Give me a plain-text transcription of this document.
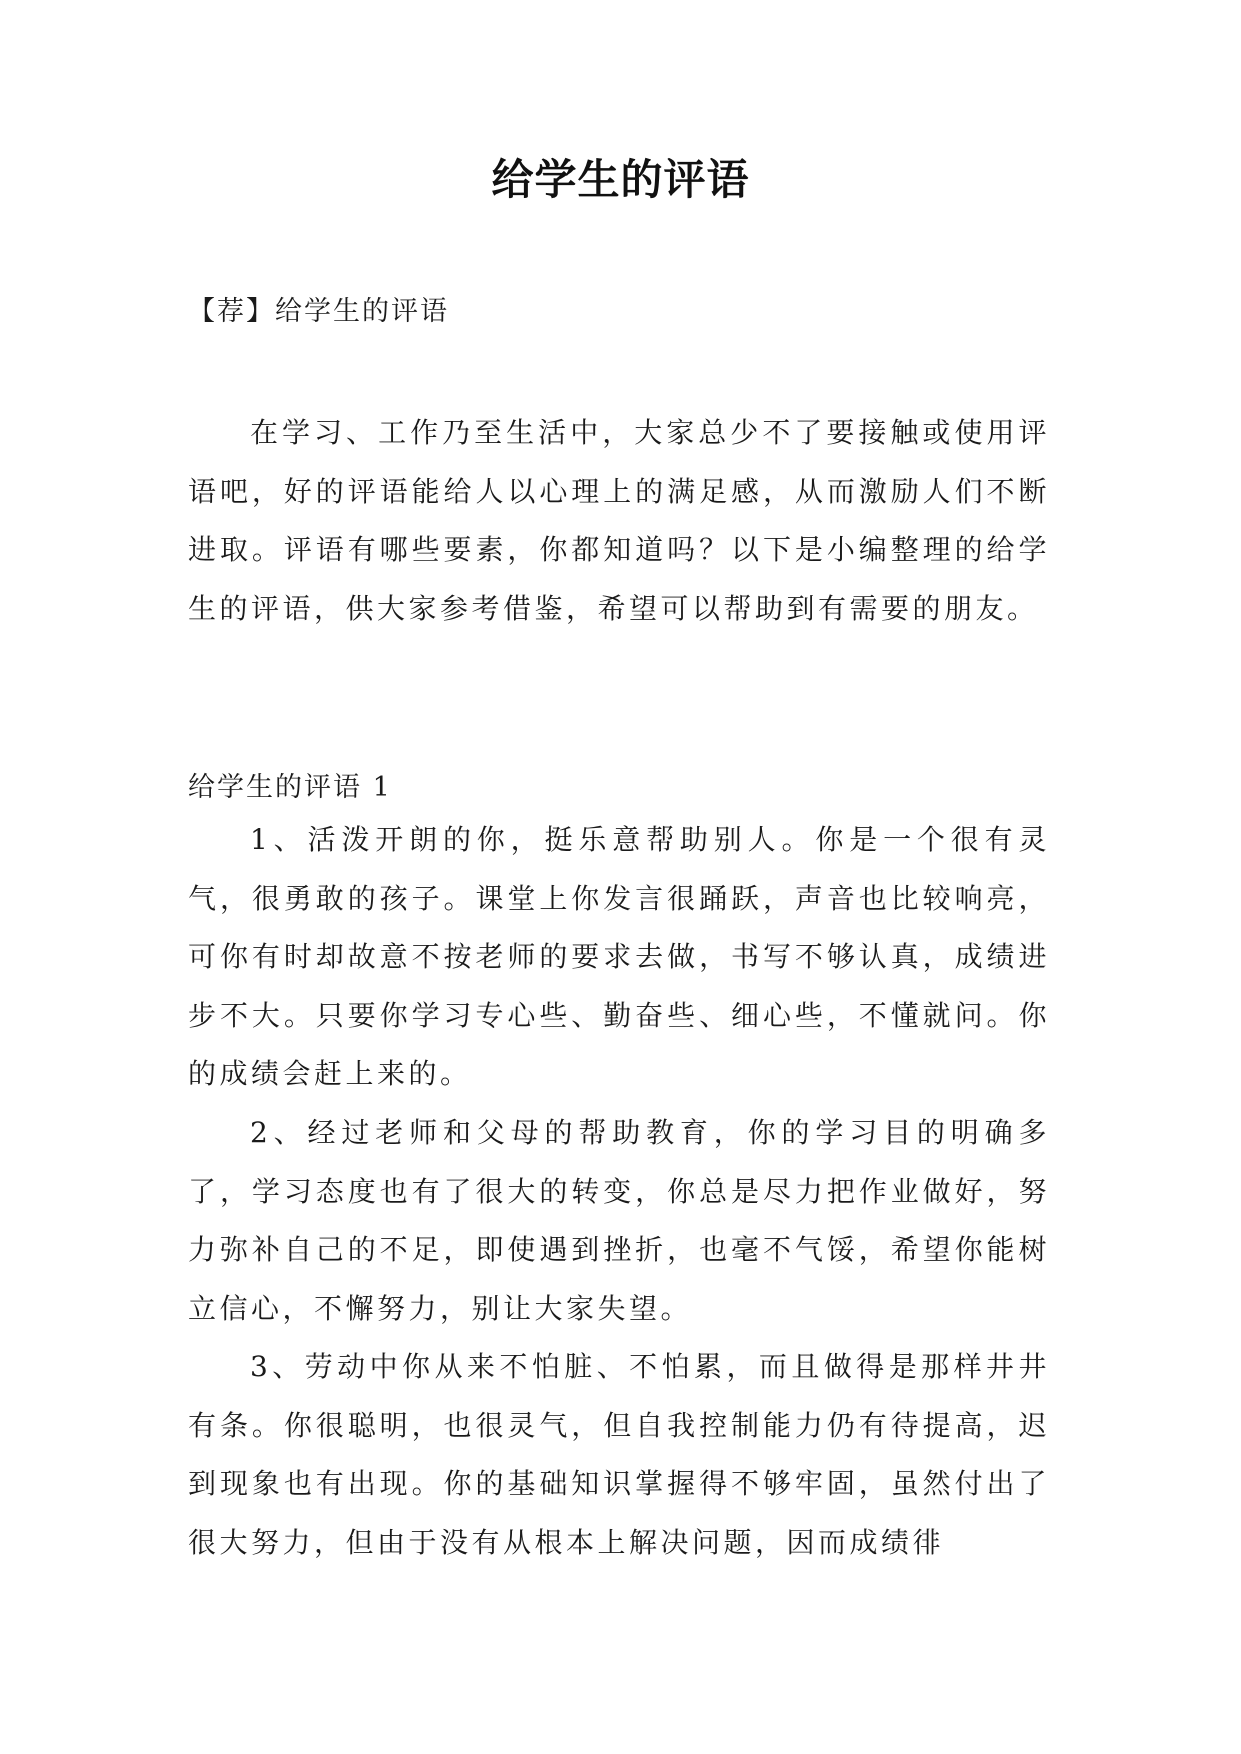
给学生的评语
【荐】给学生的评语

在学习、工作乃至生活中，大家总少不了要接触或使用评语吧，好的评语能给人以心理上的满足感，从而激励人们不断进取。评语有哪些要素，你都知道吗？以下是小编整理的给学生的评语，供大家参考借鉴，希望可以帮助到有需要的朋友。

给学生的评语 1

1、活泼开朗的你，挺乐意帮助别人。你是一个很有灵气，很勇敢的孩子。课堂上你发言很踊跃，声音也比较响亮，可你有时却故意不按老师的要求去做，书写不够认真，成绩进步不大。只要你学习专心些、勤奋些、细心些，不懂就问。你的成绩会赶上来的。

2、经过老师和父母的帮助教育，你的学习目的明确多了，学习态度也有了很大的转变，你总是尽力把作业做好，努力弥补自己的不足，即使遇到挫折，也毫不气馁，希望你能树立信心，不懈努力，别让大家失望。

3、劳动中你从来不怕脏、不怕累，而且做得是那样井井有条。你很聪明，也很灵气，但自我控制能力仍有待提高，迟到现象也有出现。你的基础知识掌握得不够牢固，虽然付出了很大努力，但由于没有从根本上解决问题，因而成绩徘
